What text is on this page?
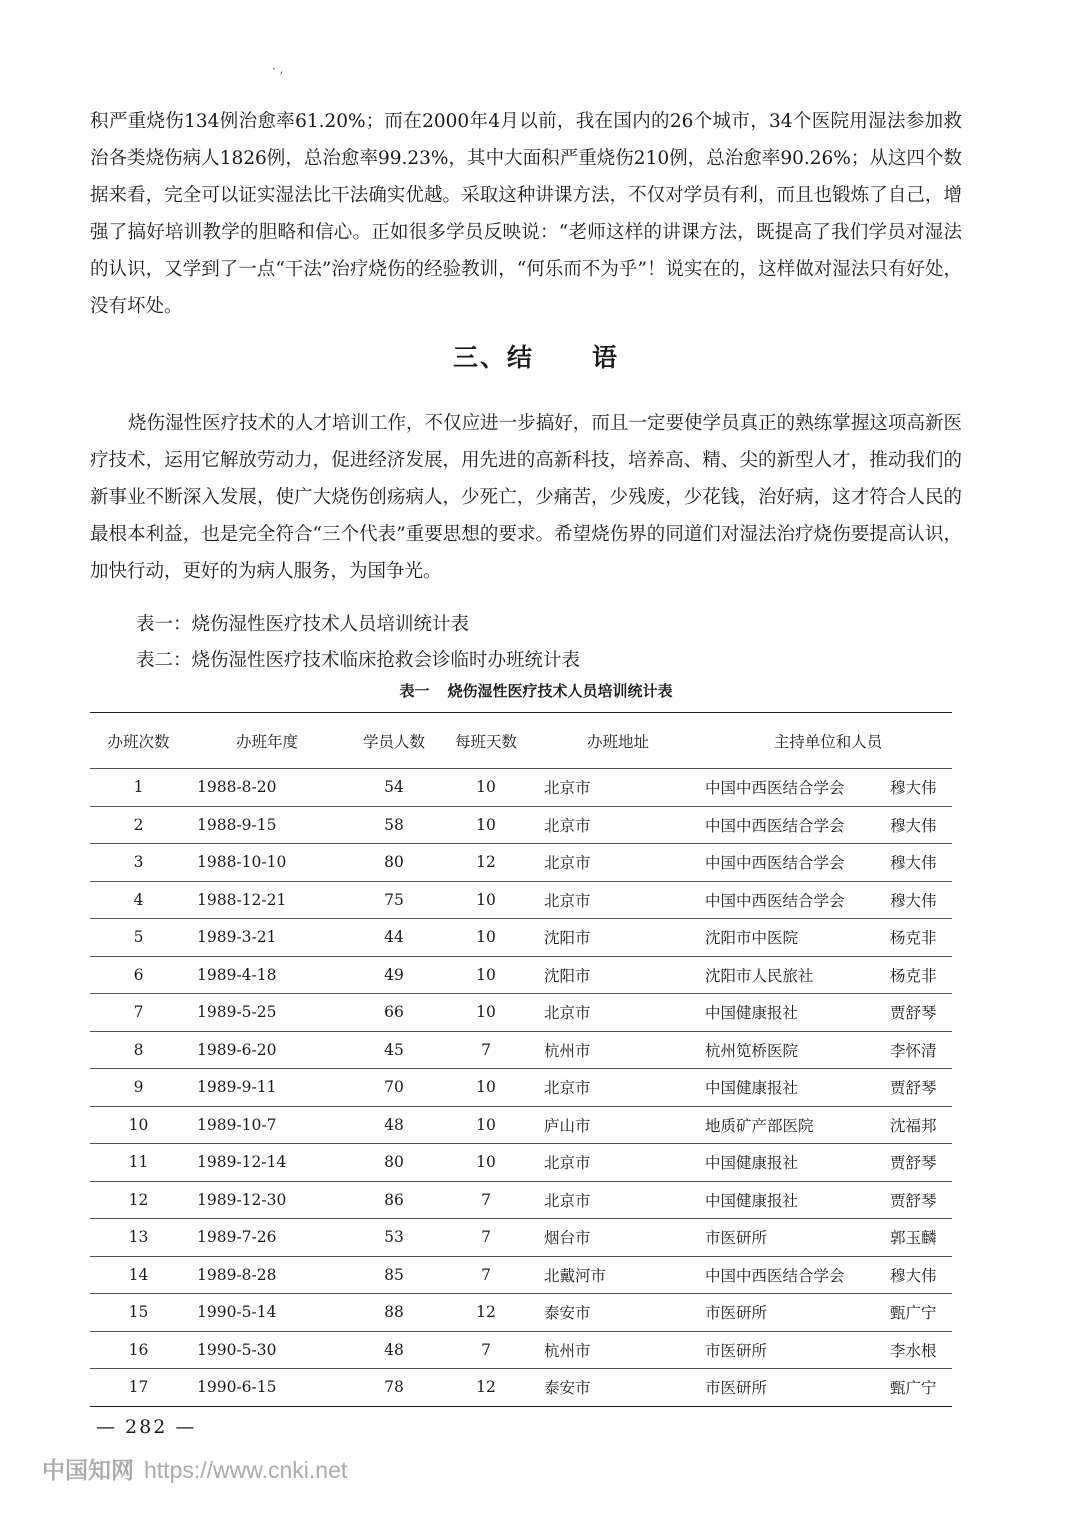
· ,
积严重烧伤134例治愈率61.20%；而在2000年4月以前，我在国内的26个城市，34个医院用湿法参加救治各类烧伤病人1826例，总治愈率99.23%，其中大面积严重烧伤210例，总治愈率90.26%；从这四个数据来看，完全可以证实湿法比干法确实优越。采取这种讲课方法，不仅对学员有利，而且也锻炼了自己，增强了搞好培训教学的胆略和信心。正如很多学员反映说：“老师这样的讲课方法，既提高了我们学员对湿法的认识，又学到了一点“干法”治疗烧伤的经验教训，“何乐而不为乎”！说实在的，这样做对湿法只有好处，没有坏处。
三、结 语
烧伤湿性医疗技术的人才培训工作，不仅应进一步搞好，而且一定要使学员真正的熟练掌握这项高新医疗技术，运用它解放劳动力，促进经济发展，用先进的高新科技，培养高、精、尖的新型人才，推动我们的新事业不断深入发展，使广大烧伤创疡病人，少死亡，少痛苦，少残废，少花钱，治好病，这才符合人民的最根本利益，也是完全符合“三个代表”重要思想的要求。希望烧伤界的同道们对湿法治疗烧伤要提高认识，加快行动，更好的为病人服务，为国争光。
表一：烧伤湿性医疗技术人员培训统计表
表二：烧伤湿性医疗技术临床抢救会诊临时办班统计表
表一 烧伤湿性医疗技术人员培训统计表
办班次数	办班年度	学员人数	每班天数	办班地址	主持单位和人员
1	1988-8-20	54	10	北京市	中国中西医结合学会 穆大伟
2	1988-9-15	58	10	北京市	中国中西医结合学会 穆大伟
3	1988-10-10	80	12	北京市	中国中西医结合学会 穆大伟
4	1988-12-21	75	10	北京市	中国中西医结合学会 穆大伟
5	1989-3-21	44	10	沈阳市	沈阳市中医院 杨克非
6	1989-4-18	49	10	沈阳市	沈阳市人民旅社 杨克非
7	1989-5-25	66	10	北京市	中国健康报社 贾舒琴
8	1989-6-20	45	7	杭州市	杭州笕桥医院 李怀清
9	1989-9-11	70	10	北京市	中国健康报社 贾舒琴
10	1989-10-7	48	10	庐山市	地质矿产部医院 沈福邦
11	1989-12-14	80	10	北京市	中国健康报社 贾舒琴
12	1989-12-30	86	7	北京市	中国健康报社 贾舒琴
13	1989-7-26	53	7	烟台市	市医研所 郭玉麟
14	1989-8-28	85	7	北戴河市	中国中西医结合学会 穆大伟
15	1990-5-14	88	12	泰安市	市医研所 甄广宁
16	1990-5-30	48	7	杭州市	市医研所 李水根
17	1990-6-15	78	12	泰安市	市医研所 甄广宁
— 282 —
中国知网 https://www.cnki.net
